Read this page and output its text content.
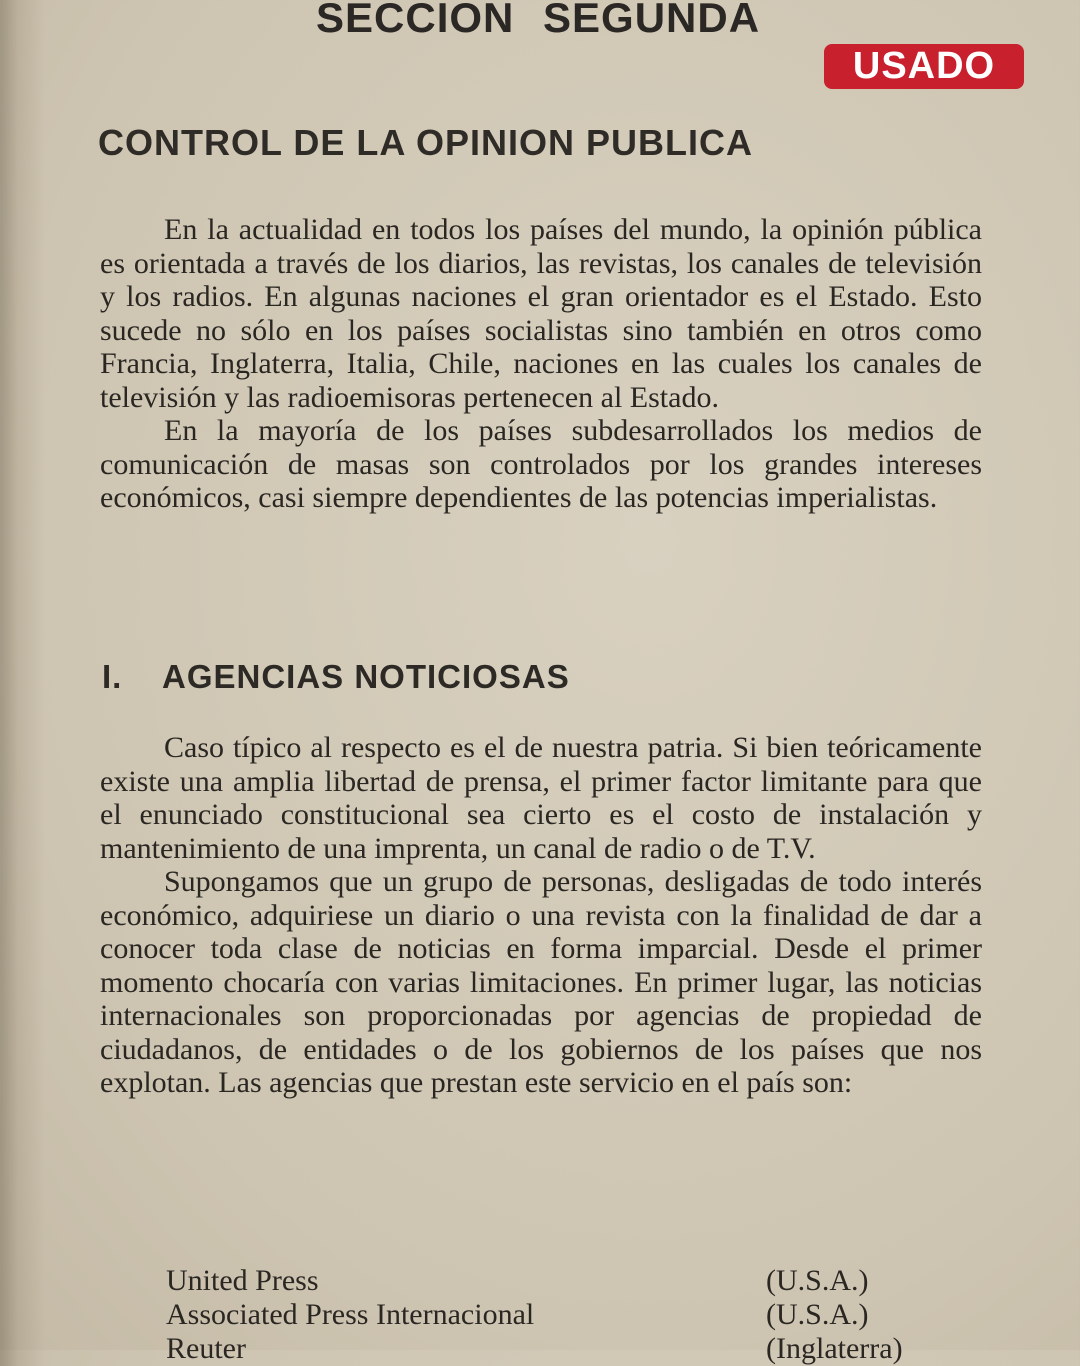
SECCION SEGUNDA
USADO
CONTROL DE LA OPINION PUBLICA

En la actualidad en todos los países del mundo, la opinión pública es orientada a través de los diarios, las revistas, los canales de televisión y los radios. En algunas naciones el gran orientador es el Estado. Esto sucede no sólo en los países socialistas sino también en otros como Francia, Inglaterra, Italia, Chile, naciones en las cuales los canales de televisión y las radioemisoras pertenecen al Estado.

En la mayoría de los países subdesarrollados los medios de comunicación de masas son controlados por los grandes intereses económicos, casi siempre dependientes de las potencias imperialistas.

I. AGENCIAS NOTICIOSAS

Caso típico al respecto es el de nuestra patria. Si bien teóricamente existe una amplia libertad de prensa, el primer factor limitante para que el enunciado constitucional sea cierto es el costo de instalación y mantenimiento de una imprenta, un canal de radio o de T.V.

Supongamos que un grupo de personas, desligadas de todo interés económico, adquiriese un diario o una revista con la finalidad de dar a conocer toda clase de noticias en forma imparcial. Desde el primer momento chocaría con varias limitaciones. En primer lugar, las noticias internacionales son proporcionadas por agencias de propiedad de ciudadanos, de entidades o de los gobiernos de los países que nos explotan. Las agencias que prestan este servicio en el país son:

United Press	(U.S.A.)
Associated Press Internacional	(U.S.A.)
Reuter	(Inglaterra)
